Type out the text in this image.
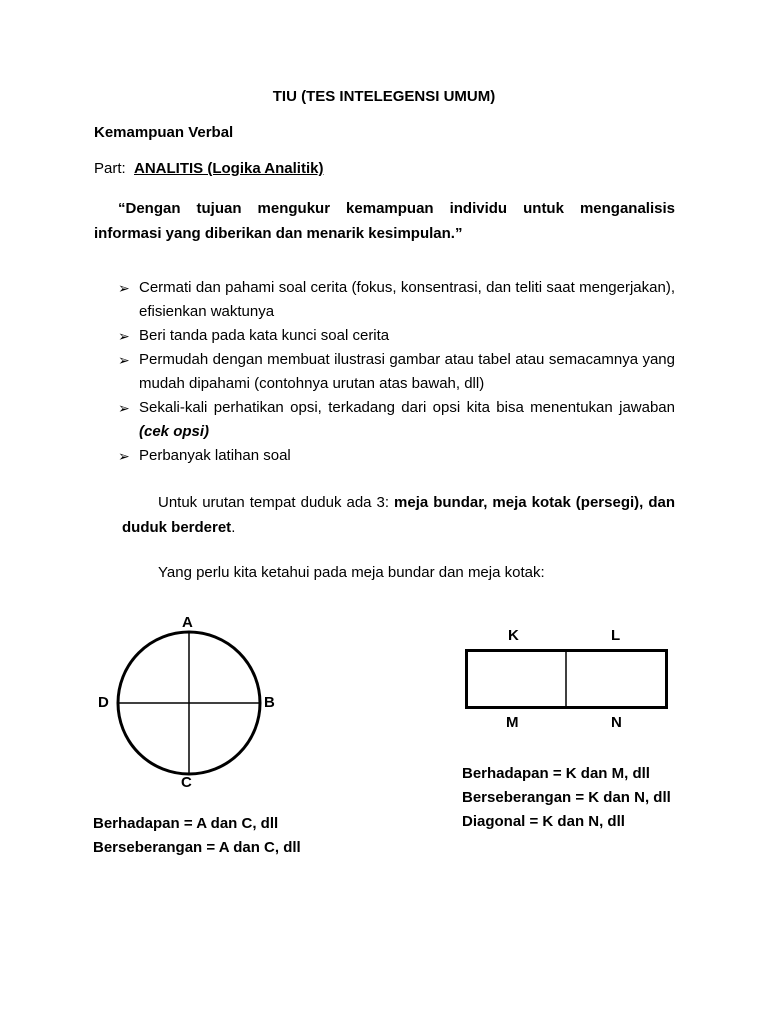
TIU (TES INTELEGENSI UMUM)
Kemampuan Verbal
Part:  ANALITIS (Logika Analitik)
“Dengan tujuan mengukur kemampuan individu untuk menganalisis informasi yang diberikan dan menarik kesimpulan.”
➢ Cermati dan pahami soal cerita (fokus, konsentrasi, dan teliti saat mengerjakan), efisienkan waktunya
➢ Beri tanda pada kata kunci soal cerita
➢ Permudah dengan membuat ilustrasi gambar atau tabel atau semacamnya yang mudah dipahami (contohnya urutan atas bawah, dll)
➢ Sekali-kali perhatikan opsi, terkadang dari opsi kita bisa menentukan jawaban (cek opsi)
➢ Perbanyak latihan soal
Untuk urutan tempat duduk ada 3: meja bundar, meja kotak (persegi), dan duduk berderet.
Yang perlu kita ketahui pada meja bundar dan meja kotak:
A
B
C
D
K	L
M	N
Berhadapan = A dan C, dll
Berseberangan = A dan C, dll
Berhadapan = K dan M, dll
Berseberangan = K dan N, dll
Diagonal = K dan N, dll
